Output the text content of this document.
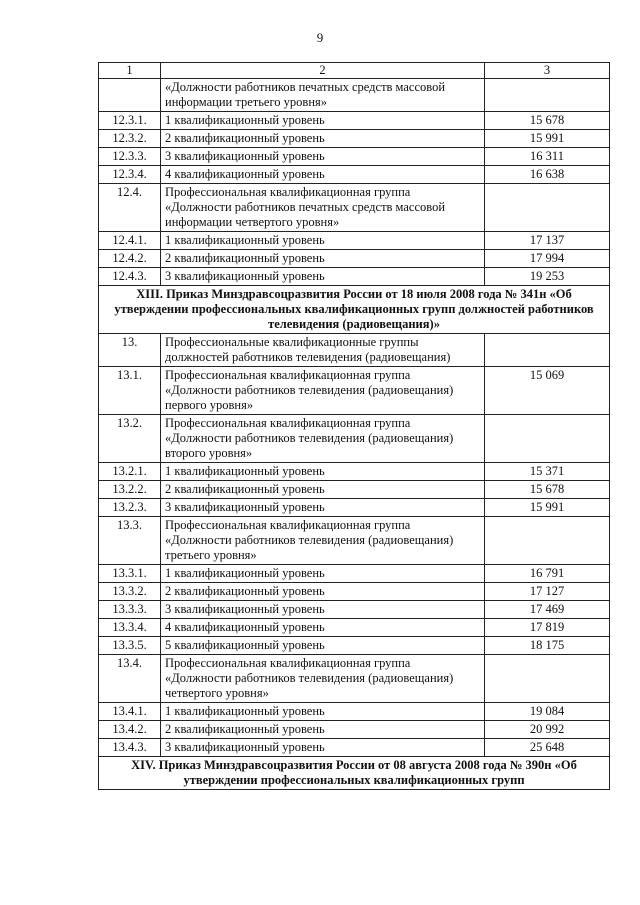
9
1	2	3
	«Должности работников печатных средств массовой информации третьего уровня»	
12.3.1.	1 квалификационный уровень	15 678
12.3.2.	2 квалификационный уровень	15 991
12.3.3.	3 квалификационный уровень	16 311
12.3.4.	4 квалификационный уровень	16 638
12.4.	Профессиональная квалификационная группа «Должности работников печатных средств массовой информации четвертого уровня»	
12.4.1.	1 квалификационный уровень	17 137
12.4.2.	2 квалификационный уровень	17 994
12.4.3.	3 квалификационный уровень	19 253
XIII. Приказ Минздравсоцразвития России от 18 июля 2008 года № 341н «Об утверждении профессиональных квалификационных групп должностей работников телевидения (радиовещания)»		
13.	Профессиональные квалификационные группы должностей работников телевидения (радиовещания)	
13.1.	Профессиональная квалификационная группа «Должности работников телевидения (радиовещания) первого уровня»	15 069
13.2.	Профессиональная квалификационная группа «Должности работников телевидения (радиовещания) второго уровня»	
13.2.1.	1 квалификационный уровень	15 371
13.2.2.	2 квалификационный уровень	15 678
13.2.3.	3 квалификационный уровень	15 991
13.3.	Профессиональная квалификационная группа «Должности работников телевидения (радиовещания) третьего уровня»	
13.3.1.	1 квалификационный уровень	16 791
13.3.2.	2 квалификационный уровень	17 127
13.3.3.	3 квалификационный уровень	17 469
13.3.4.	4 квалификационный уровень	17 819
13.3.5.	5 квалификационный уровень	18 175
13.4.	Профессиональная квалификационная группа «Должности работников телевидения (радиовещания) четвертого уровня»	
13.4.1.	1 квалификационный уровень	19 084
13.4.2.	2 квалификационный уровень	20 992
13.4.3.	3 квалификационный уровень	25 648
XIV. Приказ Минздравсоцразвития России от 08 августа 2008 года № 390н «Об утверждении профессиональных квалификационных групп		
